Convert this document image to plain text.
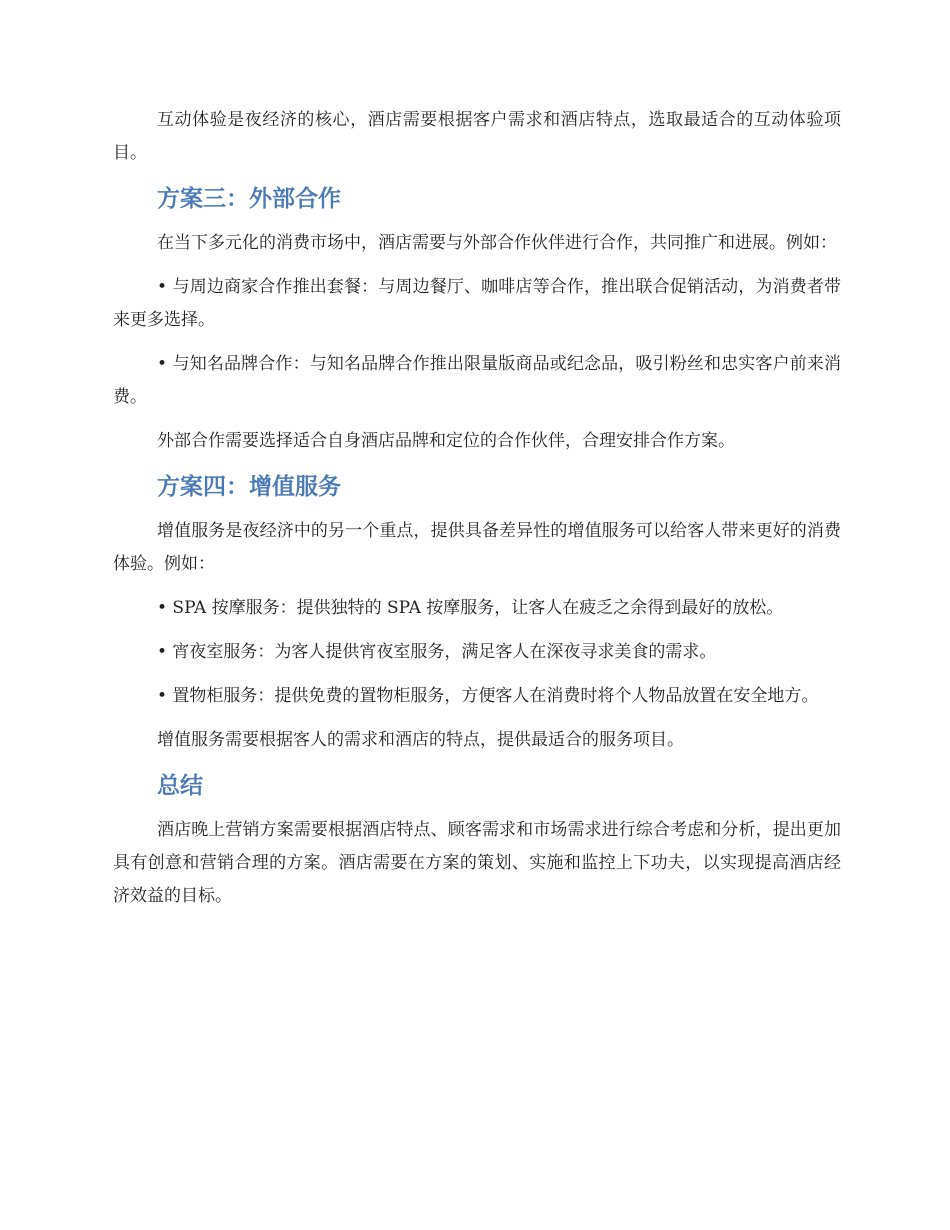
互动体验是夜经济的核心，酒店需要根据客户需求和酒店特点，选取最适合的互动体验项目。

方案三：外部合作

在当下多元化的消费市场中，酒店需要与外部合作伙伴进行合作，共同推广和进展。例如：

• 与周边商家合作推出套餐：与周边餐厅、咖啡店等合作，推出联合促销活动，为消费者带来更多选择。

• 与知名品牌合作：与知名品牌合作推出限量版商品或纪念品，吸引粉丝和忠实客户前来消费。

外部合作需要选择适合自身酒店品牌和定位的合作伙伴，合理安排合作方案。

方案四：增值服务

增值服务是夜经济中的另一个重点，提供具备差异性的增值服务可以给客人带来更好的消费体验。例如：

• SPA 按摩服务：提供独特的 SPA 按摩服务，让客人在疲乏之余得到最好的放松。

• 宵夜室服务：为客人提供宵夜室服务，满足客人在深夜寻求美食的需求。

• 置物柜服务：提供免费的置物柜服务，方便客人在消费时将个人物品放置在安全地方。

增值服务需要根据客人的需求和酒店的特点，提供最适合的服务项目。

总结

酒店晚上营销方案需要根据酒店特点、顾客需求和市场需求进行综合考虑和分析，提出更加具有创意和营销合理的方案。酒店需要在方案的策划、实施和监控上下功夫，以实现提高酒店经济效益的目标。
